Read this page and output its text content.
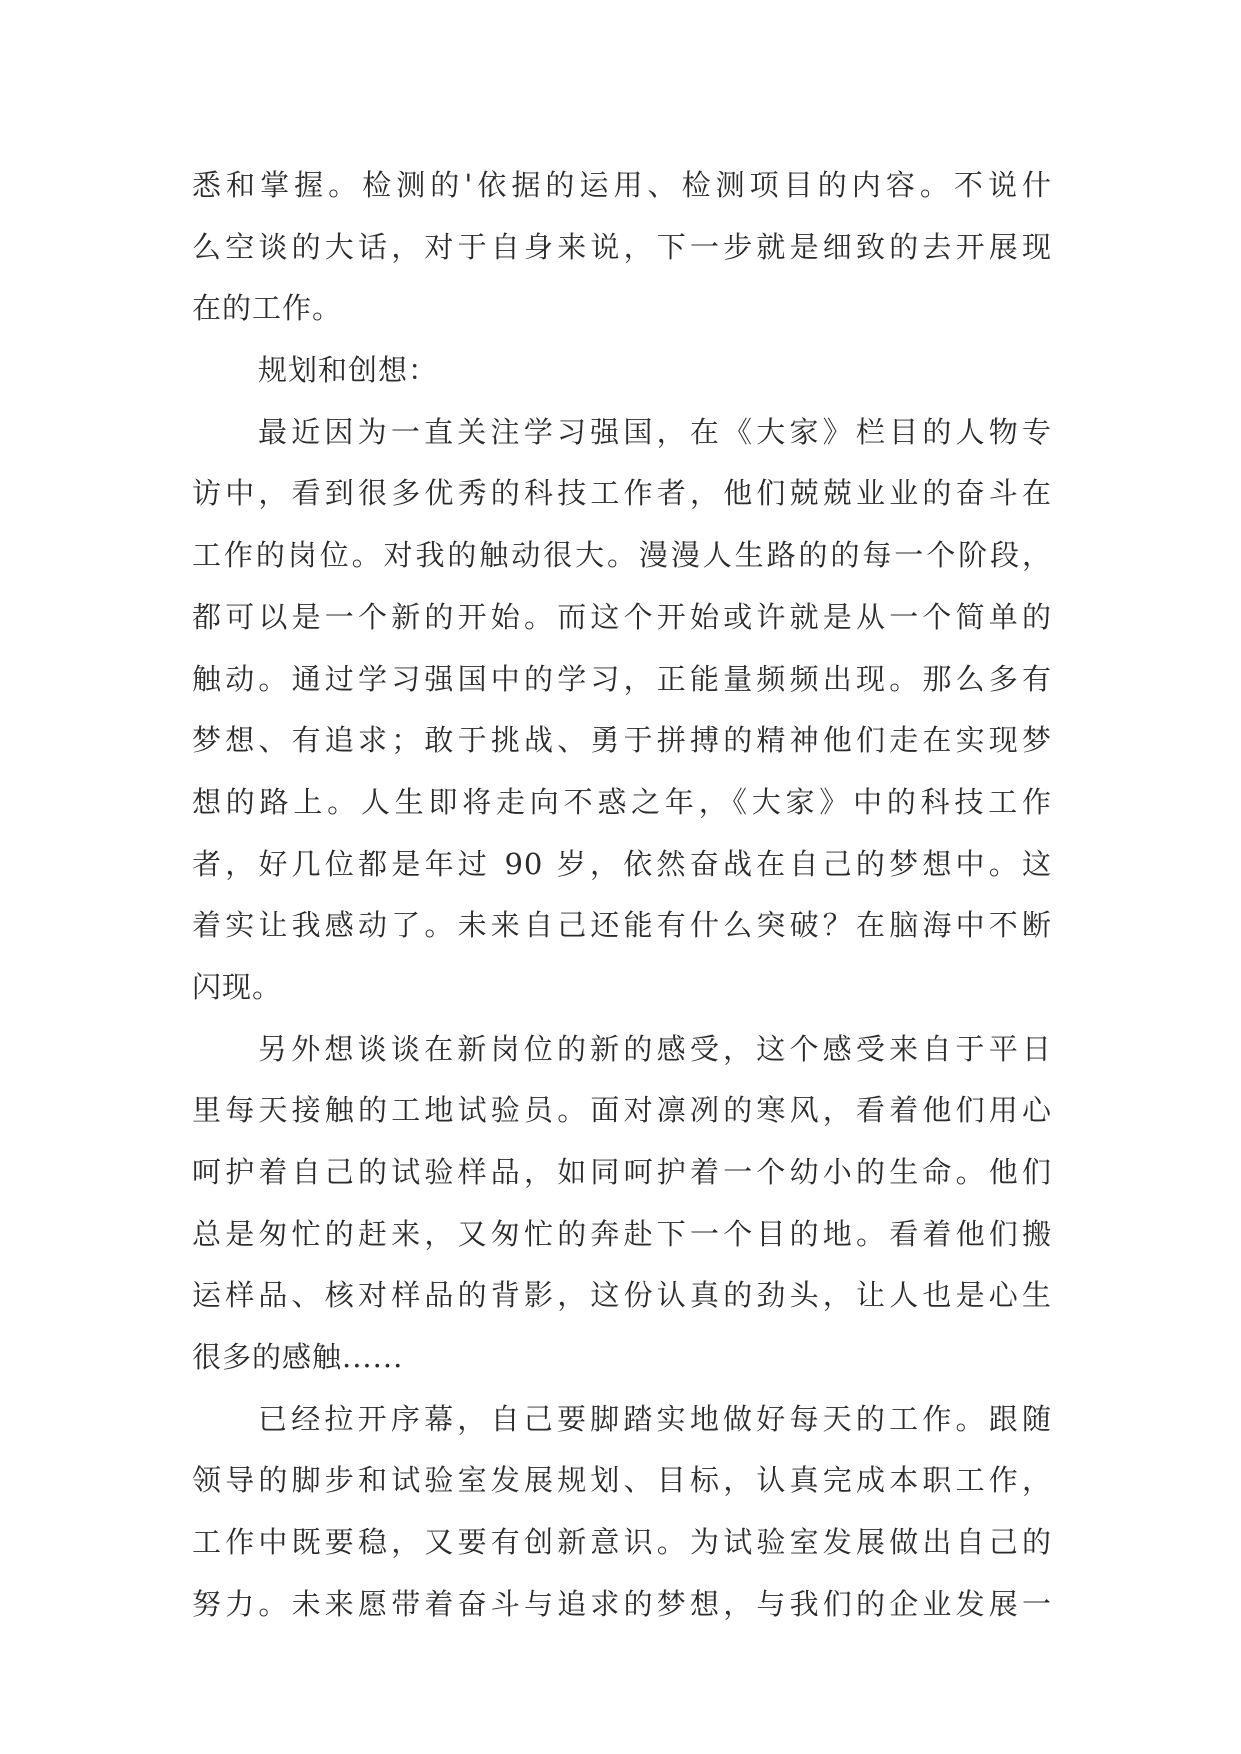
悉和掌握。检测的'依据的运用、检测项目的内容。不说什
么空谈的大话，对于自身来说，下一步就是细致的去开展现
在的工作。
规划和创想：
最近因为一直关注学习强国，在《大家》栏目的人物专
访中，看到很多优秀的科技工作者，他们兢兢业业的奋斗在
工作的岗位。对我的触动很大。漫漫人生路的的每一个阶段，
都可以是一个新的开始。而这个开始或许就是从一个简单的
触动。通过学习强国中的学习，正能量频频出现。那么多有
梦想、有追求；敢于挑战、勇于拼搏的精神他们走在实现梦
想的路上。人生即将走向不惑之年，《大家》中的科技工作
者，好几位都是年过 90 岁，依然奋战在自己的梦想中。这
着实让我感动了。未来自己还能有什么突破？在脑海中不断
闪现。
另外想谈谈在新岗位的新的感受，这个感受来自于平日
里每天接触的工地试验员。面对凛冽的寒风，看着他们用心
呵护着自己的试验样品，如同呵护着一个幼小的生命。他们
总是匆忙的赶来，又匆忙的奔赴下一个目的地。看着他们搬
运样品、核对样品的背影，这份认真的劲头，让人也是心生
很多的感触......
已经拉开序幕，自己要脚踏实地做好每天的工作。跟随
领导的脚步和试验室发展规划、目标，认真完成本职工作，
工作中既要稳，又要有创新意识。为试验室发展做出自己的
努力。未来愿带着奋斗与追求的梦想，与我们的企业发展一
